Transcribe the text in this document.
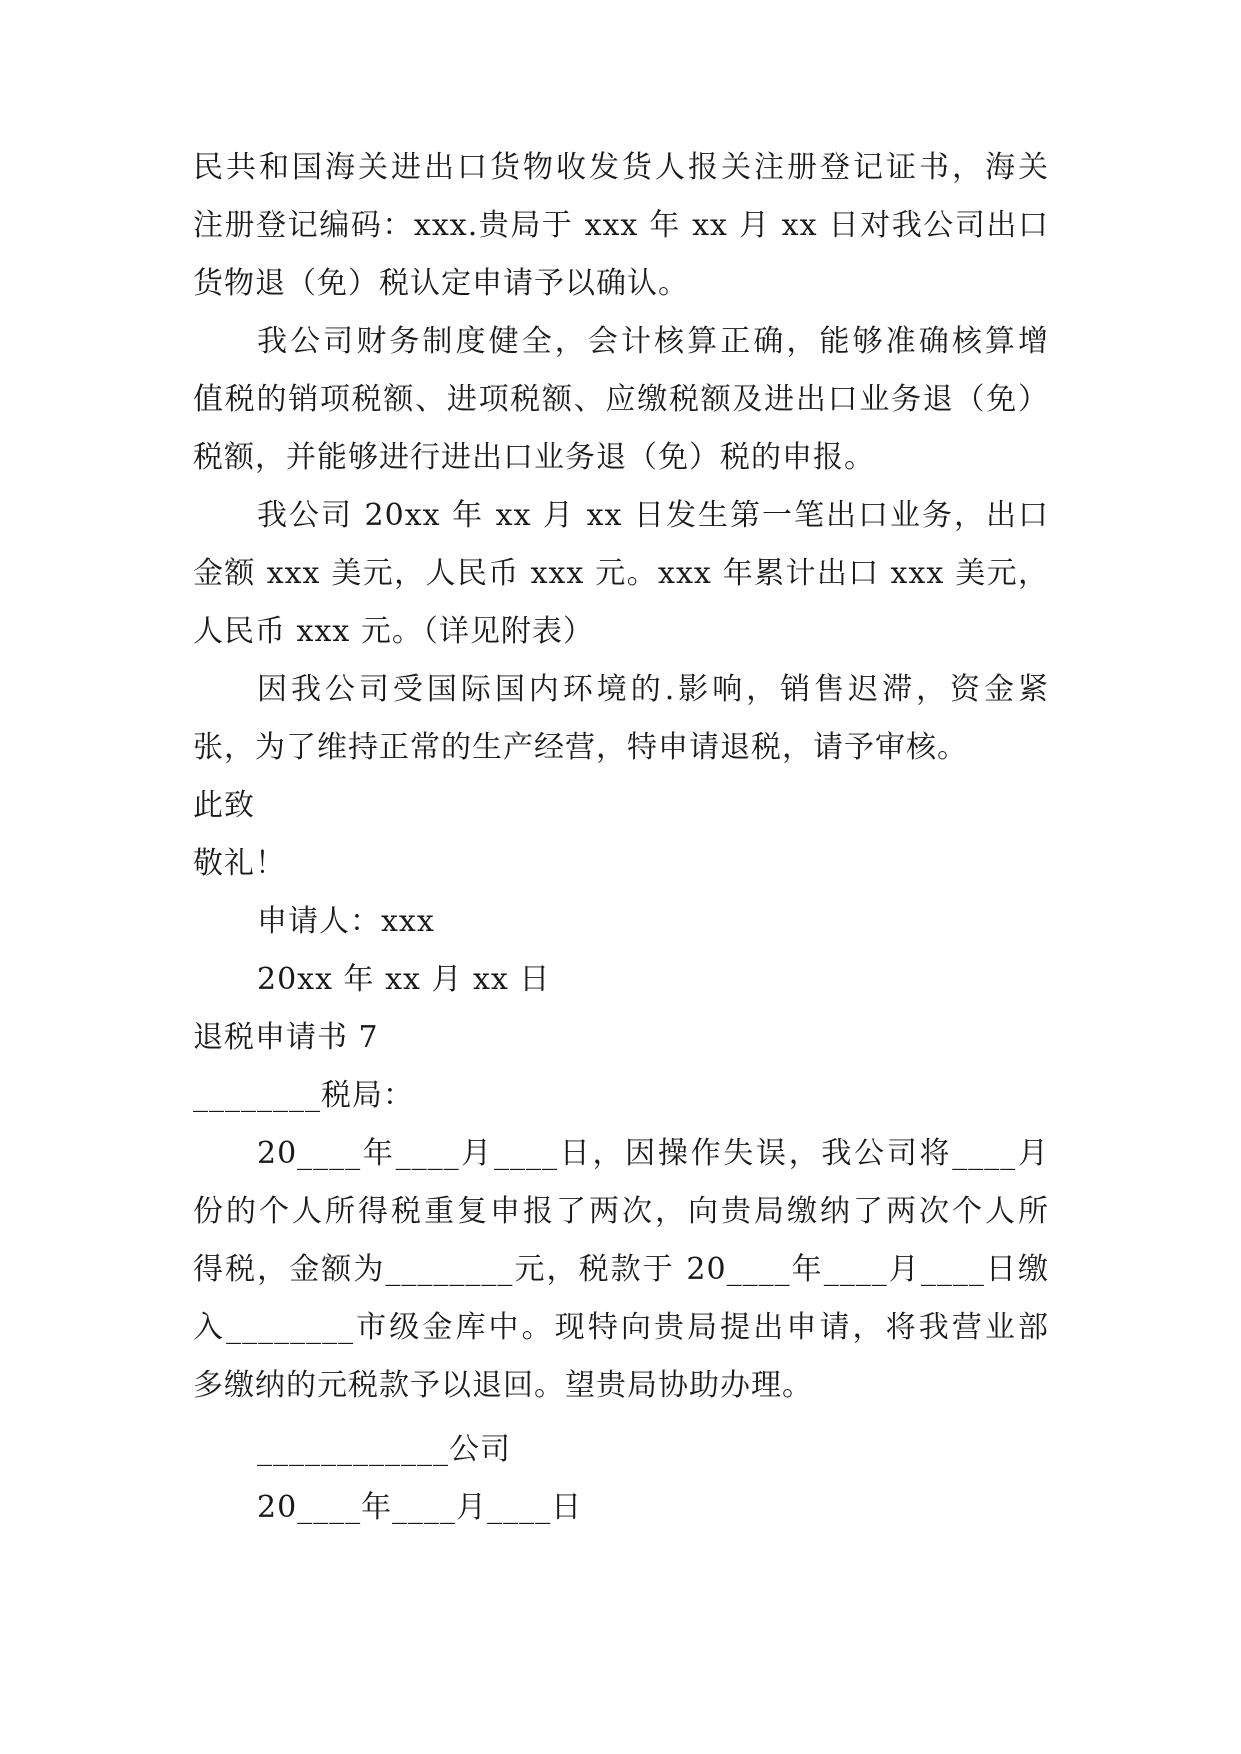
民共和国海关进出口货物收发货人报关注册登记证书，海关
注册登记编码：xxx.贵局于 xxx 年 xx 月 xx 日对我公司出口
货物退（免）税认定申请予以确认。
我公司财务制度健全，会计核算正确，能够准确核算增
值税的销项税额、进项税额、应缴税额及进出口业务退（免）
税额，并能够进行进出口业务退（免）税的申报。
我公司 20xx 年 xx 月 xx 日发生第一笔出口业务，出口
金额 xxx 美元，人民币 xxx 元。xxx 年累计出口 xxx 美元，
人民币 xxx 元。（详见附表）
因我公司受国际国内环境的.影响，销售迟滞，资金紧
张，为了维持正常的生产经营，特申请退税，请予审核。
此致
敬礼！
申请人：xxx
20xx 年 xx 月 xx 日
退税申请书 7
________税局：
20____年____月____日，因操作失误，我公司将____月
份的个人所得税重复申报了两次，向贵局缴纳了两次个人所
得税，金额为________元，税款于 20____年____月____日缴
入________市级金库中。现特向贵局提出申请，将我营业部
多缴纳的元税款予以退回。望贵局协助办理。
____________公司
20____年____月____日
